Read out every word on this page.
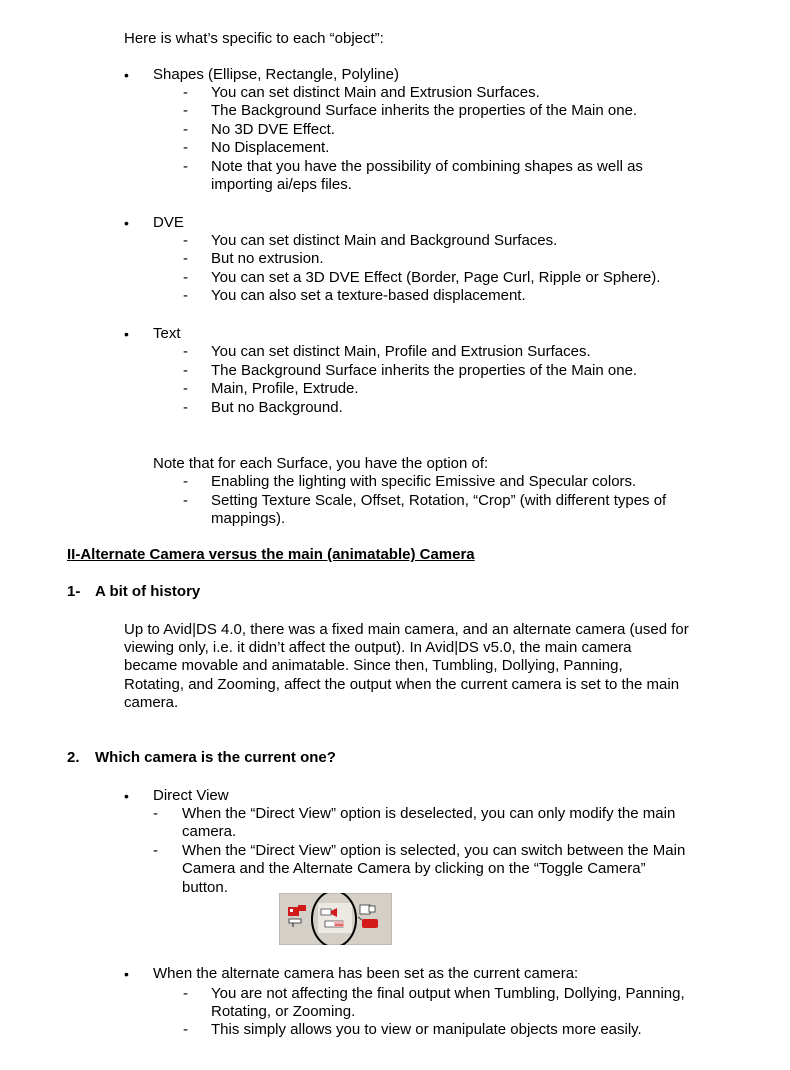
Here is what’s specific to each “object”:
• Shapes (Ellipse, Rectangle, Polyline)
- You can set distinct Main and Extrusion Surfaces.
- The Background Surface inherits the properties of the Main one.
- No 3D DVE Effect.
- No Displacement.
- Note that you have the possibility of combining shapes as well as
importing ai/eps files.
• DVE
- You can set distinct Main and Background Surfaces.
- But no extrusion.
- You can set a 3D DVE Effect (Border, Page Curl, Ripple or Sphere).
- You can also set a texture-based displacement.
• Text
- You can set distinct Main, Profile and Extrusion Surfaces.
- The Background Surface inherits the properties of the Main one.
- Main, Profile, Extrude.
- But no Background.
Note that for each Surface, you have the option of:
- Enabling the lighting with specific Emissive and Specular colors.
- Setting Texture Scale, Offset, Rotation, “Crop” (with different types of
mappings).
II-Alternate Camera versus the main (animatable) Camera
1- A bit of history
Up to Avid|DS 4.0, there was a fixed main camera, and an alternate camera (used for
viewing only, i.e. it didn’t affect the output). In Avid|DS v5.0, the main camera
became movable and animatable. Since then, Tumbling, Dollying, Panning,
Rotating, and Zooming, affect the output when the current camera is set to the main
camera.
2. Which camera is the current one?
• Direct View
- When the “Direct View” option is deselected, you can only modify the main
camera.
- When the “Direct View” option is selected, you can switch between the Main
Camera and the Alternate Camera by clicking on the “Toggle Camera”
button.
• When the alternate camera has been set as the current camera:
- You are not affecting the final output when Tumbling, Dollying, Panning,
Rotating, or Zooming.
- This simply allows you to view or manipulate objects more easily.
